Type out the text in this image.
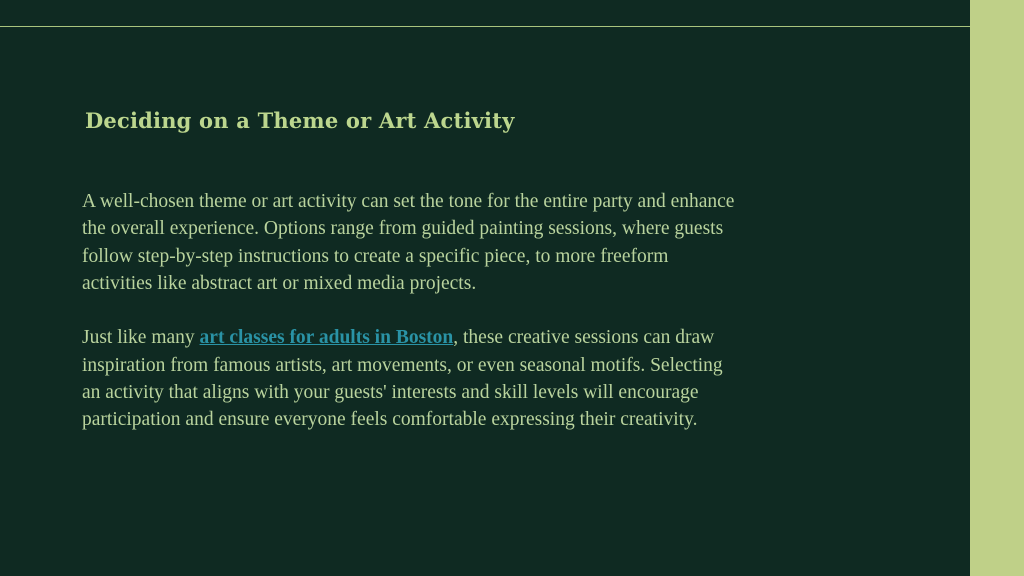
Deciding on a Theme or Art Activity

A well-chosen theme or art activity can set the tone for the entire party and enhance the overall experience. Options range from guided painting sessions, where guests follow step-by-step instructions to create a specific piece, to more freeform activities like abstract art or mixed media projects.

Just like many art classes for adults in Boston, these creative sessions can draw inspiration from famous artists, art movements, or even seasonal motifs. Selecting an activity that aligns with your guests' interests and skill levels will encourage participation and ensure everyone feels comfortable expressing their creativity.
